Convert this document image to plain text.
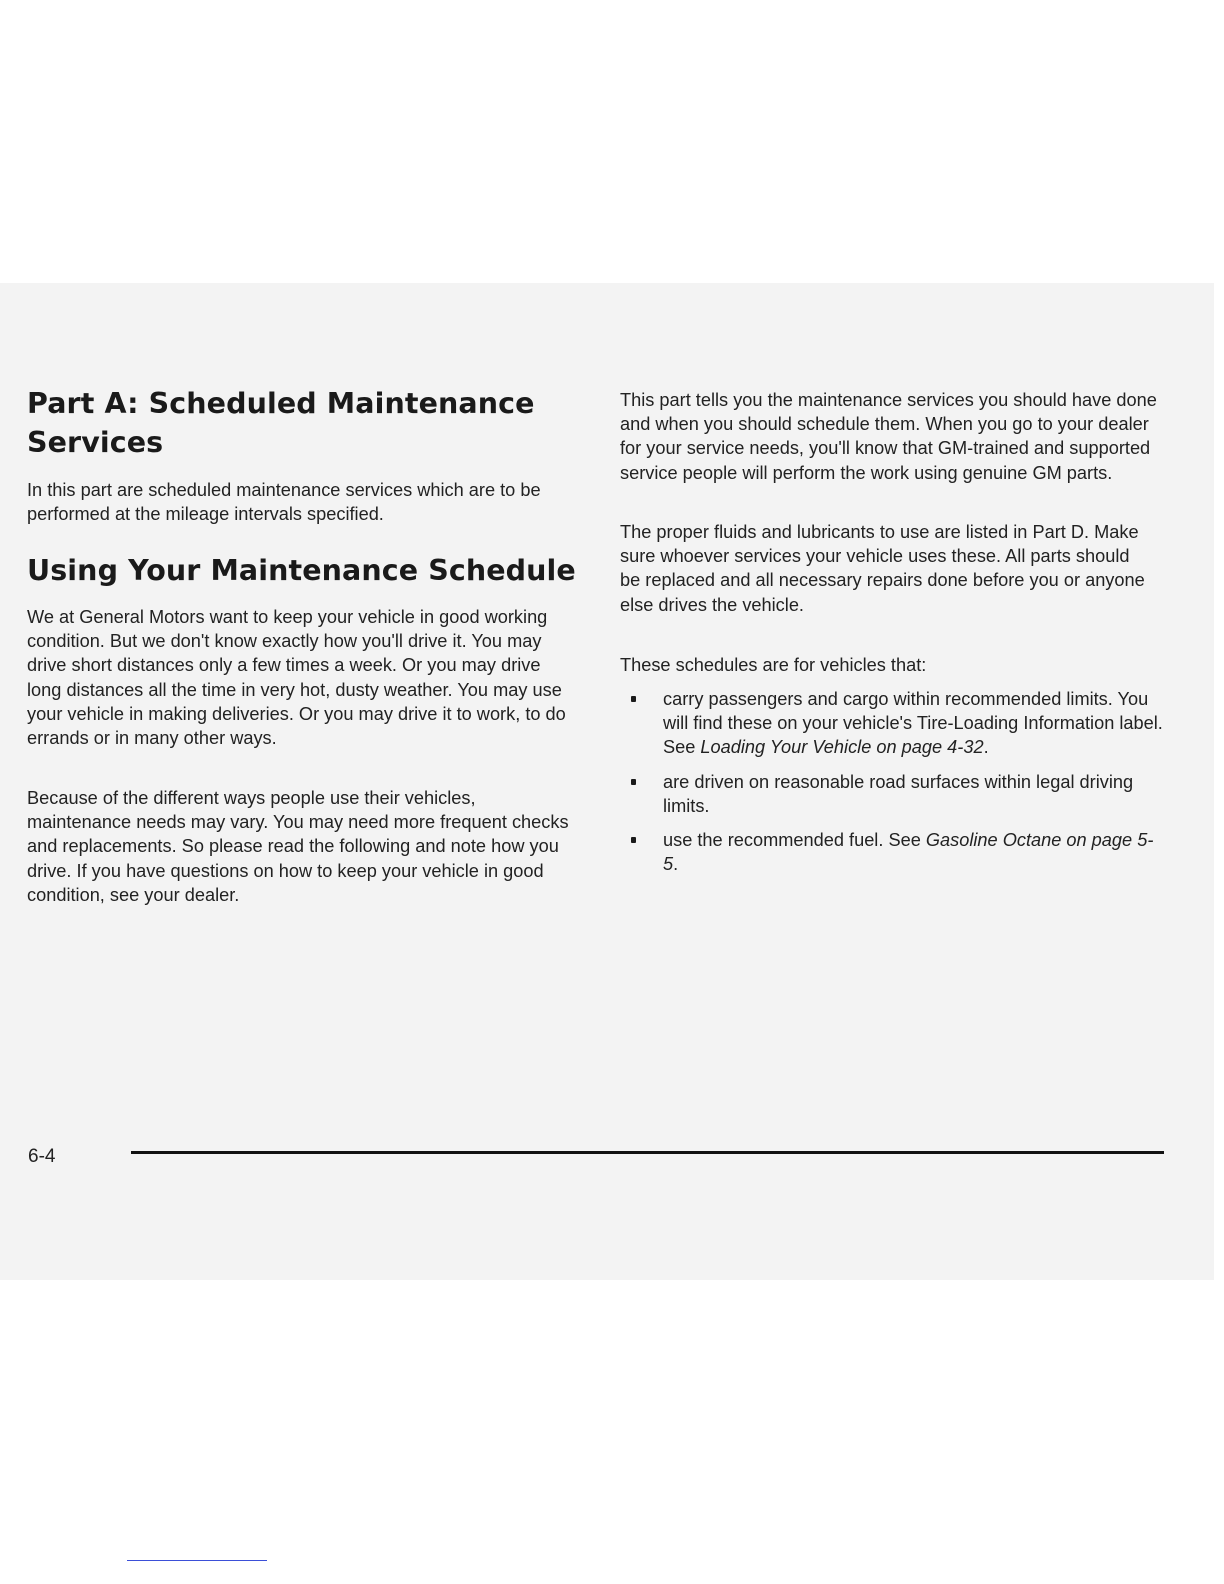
Part A: Scheduled Maintenance Services

In this part are scheduled maintenance services which are to be performed at the mileage intervals specified.

Using Your Maintenance Schedule

We at General Motors want to keep your vehicle in good working condition. But we don't know exactly how you'll drive it. You may drive short distances only a few times a week. Or you may drive long distances all the time in very hot, dusty weather. You may use your vehicle in making deliveries. Or you may drive it to work, to do errands or in many other ways.

Because of the different ways people use their vehicles, maintenance needs may vary. You may need more frequent checks and replacements. So please read the following and note how you drive. If you have questions on how to keep your vehicle in good condition, see your dealer.

This part tells you the maintenance services you should have done and when you should schedule them. When you go to your dealer for your service needs, you'll know that GM-trained and supported service people will perform the work using genuine GM parts.

The proper fluids and lubricants to use are listed in Part D. Make sure whoever services your vehicle uses these. All parts should be replaced and all necessary repairs done before you or anyone else drives the vehicle.

These schedules are for vehicles that:

carry passengers and cargo within recommended limits. You will find these on your vehicle's Tire-Loading Information label. See Loading Your Vehicle on page 4-32.
are driven on reasonable road surfaces within legal driving limits.
use the recommended fuel. See Gasoline Octane on page 5-5.

6-4
